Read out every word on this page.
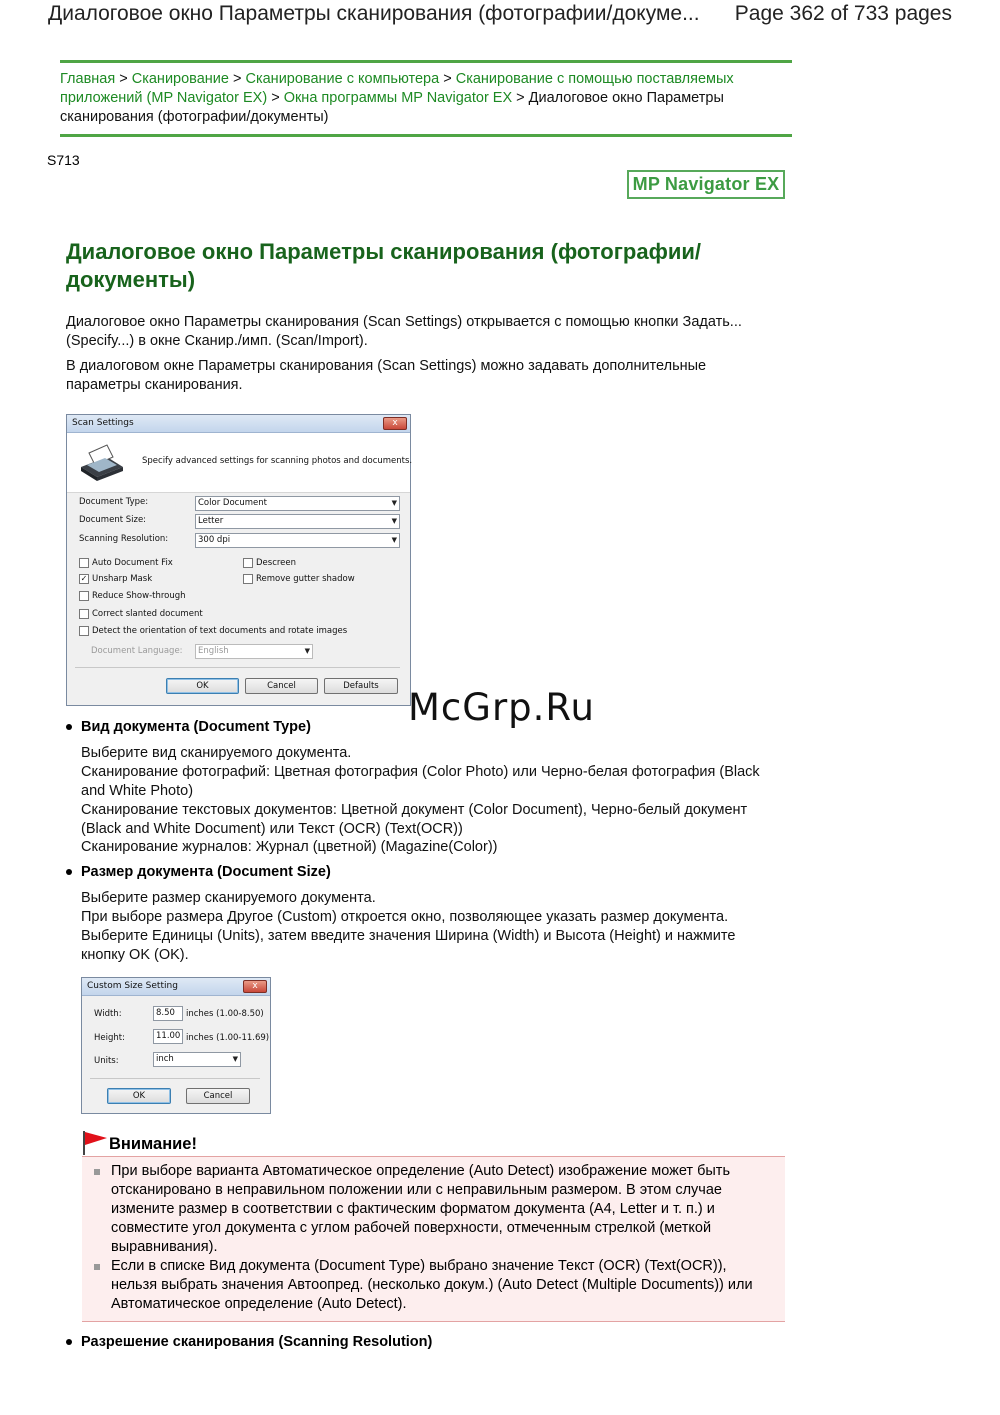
Диалоговое окно Параметры сканирования (фотографии/докуме... Page 362 of 733 pages
Главная > Сканирование > Сканирование с компьютера > Сканирование с помощью поставляемых приложений (MP Navigator EX) > Окна программы MP Navigator EX > Диалоговое окно Параметры сканирования (фотографии/документы)
S713
MP Navigator EX
Диалоговое окно Параметры сканирования (фотографии/ документы)

Диалоговое окно Параметры сканирования (Scan Settings) открывается с помощью кнопки Задать... (Specify...) в окне Сканир./имп. (Scan/Import).

В диалоговом окне Параметры сканирования (Scan Settings) можно задавать дополнительные параметры сканирования.

Scan Settings	x
Specify advanced settings for scanning photos and documents.
Document Type:	Color Document	▼
Document Size:	Letter	▼
Scanning Resolution:	300 dpi	▼
Auto Document Fix	Descreen
✓ Unsharp Mask	Remove gutter shadow
Reduce Show-through
Correct slanted document
Detect the orientation of text documents and rotate images
Document Language:	English	▼
OK	Cancel	Defaults McGrp.Ru
Вид документа (Document Type)

Выберите вид сканируемого документа.

Сканирование фотографий: Цветная фотография (Color Photo) или Черно-белая фотография (Black and White Photo)

Сканирование текстовых документов: Цветной документ (Color Document), Черно-белый документ (Black and White Document) или Текст (OCR) (Text(OCR))

Сканирование журналов: Журнал (цветной) (Magazine(Color))

Размер документа (Document Size)

Выберите размер сканируемого документа.

При выборе размера Другое (Custom) откроется окно, позволяющее указать размер документа. Выберите Единицы (Units), затем введите значения Ширина (Width) и Высота (Height) и нажмите кнопку OK (OK).

Custom Size Setting	x
Width:	8.50	inches (1.00-8.50)
Height:	11.00 inches (1.00-11.69)
Units:	inch	▼
OK	Cancel
Внимание!
При выборе варианта Автоматическое определение (Auto Detect) изображение может быть отсканировано в неправильном положении или с неправильным размером. В этом случае измените размер в соответствии с фактическим форматом документа (A4, Letter и т. п.) и совместите угол документа с углом рабочей поверхности, отмеченным стрелкой (меткой выравнивания).
Если в списке Вид документа (Document Type) выбрано значение Текст (OCR) (Text(OCR)), нельзя выбрать значения Автоопред. (несколько докум.) (Auto Detect (Multiple Documents)) или Автоматическое определение (Auto Detect).
Разрешение сканирования (Scanning Resolution)
